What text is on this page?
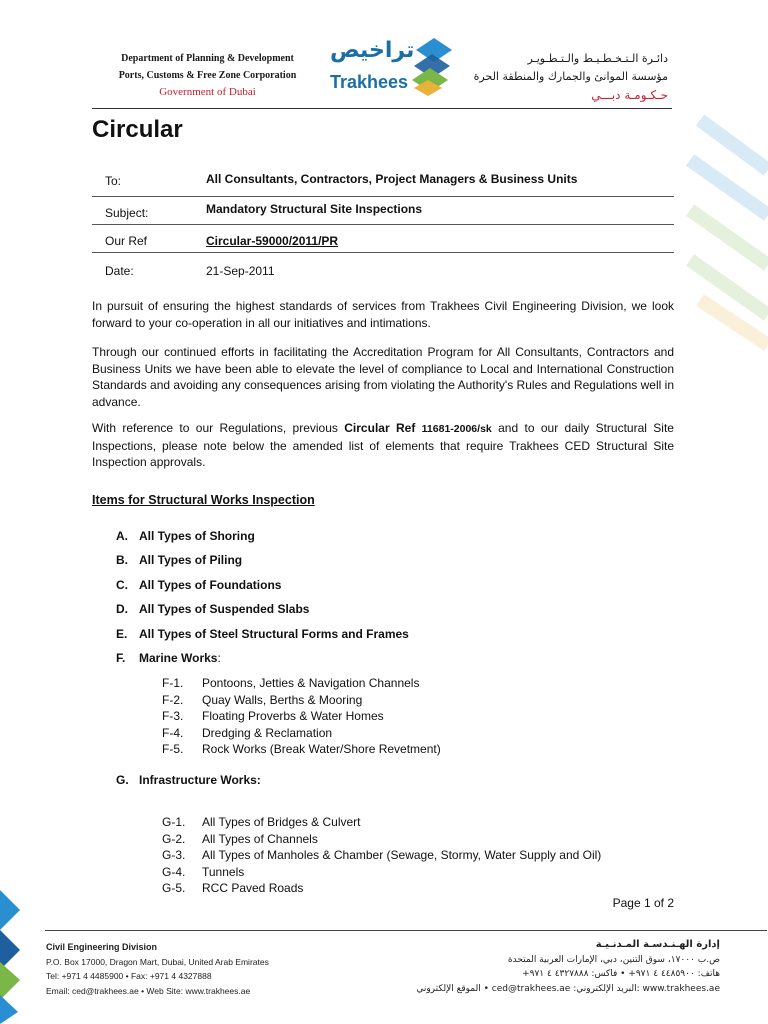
Department of Planning & Development
Ports, Customs & Free Zone Corporation
Government of Dubai
تراخيص
Trakhees
دائـرة الـتـخـطـيـط والـتـطـويـر
مؤسسة الموانئ والجمارك والمنطقة الحرة
حـكـومـة دبـــي
Circular
To:	All Consultants, Contractors, Project Managers & Business Units
Subject:	Mandatory Structural Site Inspections
Our Ref	Circular-59000/2011/PR
Date:	21-Sep-2011
In pursuit of ensuring the highest standards of services from Trakhees Civil Engineering Division, we look forward to your co-operation in all our initiatives and intimations.
Through our continued efforts in facilitating the Accreditation Program for All Consultants, Contractors and Business Units we have been able to elevate the level of compliance to Local and International Construction Standards and avoiding any consequences arising from violating the Authority's Rules and Regulations well in advance.
With reference to our Regulations, previous Circular Ref 11681-2006/sk and to our daily Structural Site Inspections, please note below the amended list of elements that require Trakhees CED Structural Site Inspection approvals.
Items for Structural Works Inspection
A. All Types of Shoring
B. All Types of Piling
C. All Types of Foundations
D. All Types of Suspended Slabs
E. All Types of Steel Structural Forms and Frames
F. Marine Works:
F-1. Pontoons, Jetties & Navigation Channels
F-2. Quay Walls, Berths & Mooring
F-3. Floating Proverbs & Water Homes
F-4. Dredging & Reclamation
F-5. Rock Works (Break Water/Shore Revetment)
G. Infrastructure Works:
G-1. All Types of Bridges & Culvert
G-2. All Types of Channels
G-3. All Types of Manholes & Chamber (Sewage, Stormy, Water Supply and Oil)
G-4. Tunnels
G-5. RCC Paved Roads
Page 1 of 2
Civil Engineering Division
P.O. Box 17000, Dragon Mart, Dubai, United Arab Emirates
Tel: +971 4 4485900 • Fax: +971 4 4327888
Email: ced@trakhees.ae • Web Site: www.trakhees.ae
إدارة الهـنـدسـة المـدنـيـة
ص.ب ١٧٠٠٠، سوق التنين، دبي، الإمارات العربية المتحدة
هاتف: ٤٤٨٥٩٠٠ ٤ ٩٧١+ • فاكس: ٤٣٢٧٨٨٨ ٤ ٩٧١+
www.trakhees.ae :البريد الإلكتروني: ced@trakhees.ae • الموقع الإلكتروني
